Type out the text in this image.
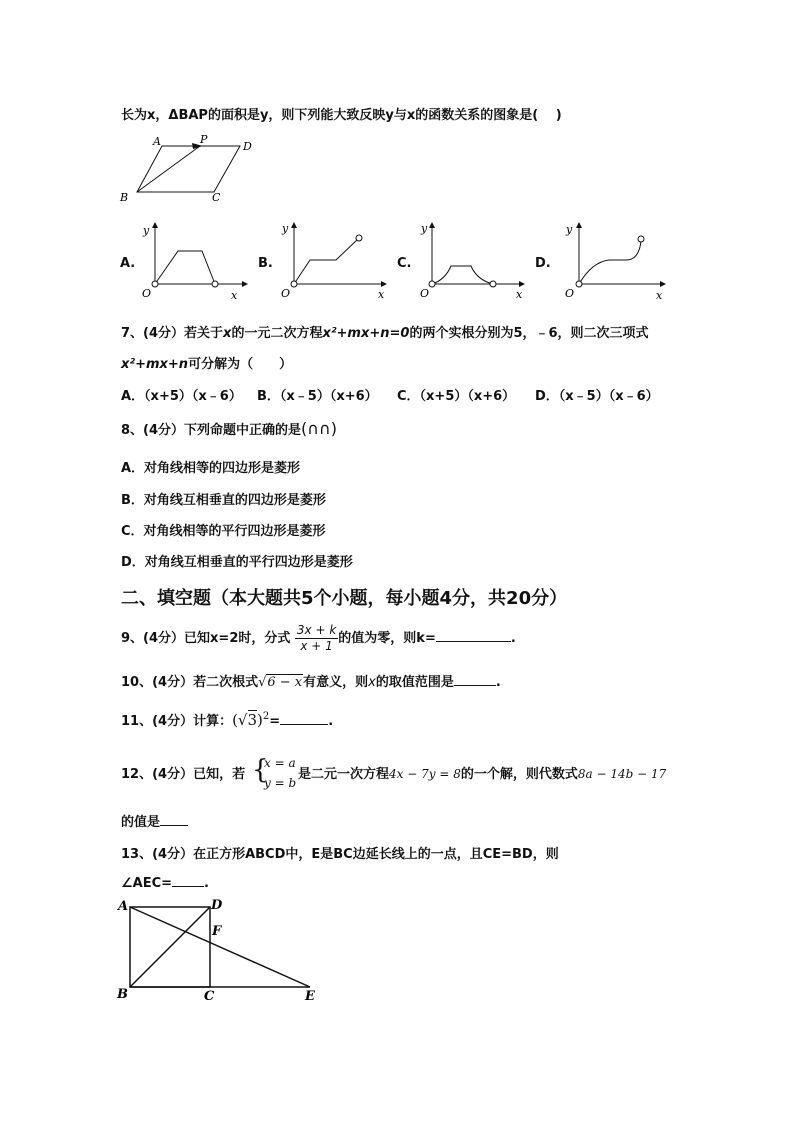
长为x，ΔBAP的面积是y，则下列能大致反映y与x的函数关系的图象是(　 )
A	P
D
B	C
A.
y
x
O
B.
y
x
O
C.
y
x
O
D.
y
x
O
7、(4分）若关于x的一元二次方程x²+mx+n=0的两个实根分别为5，﹣6，则二次三项式
x²+mx+n可分解为（　　）
A．（x+5）（x﹣6） B．（x﹣5）（x+6） C．（x+5）（x+6） D．（x﹣5）（x﹣6）
8、(4分）下列命题中正确的是(∩∩)
A．对角线相等的四边形是菱形
B．对角线互相垂直的四边形是菱形
C．对角线相等的平行四边形是菱形
D．对角线互相垂直的平行四边形是菱形
二、填空题（本大题共5个小题，每小题4分，共20分）
9、(4分）已知x=2时，分式 $\frac{3x + k}{x + 1}$ 的值为零，则k=	.
10、(4分）若二次根式√6 − x有意义，则x的取值范围是	.
11、(4分）计算：$(√3)^2=$	.
12、(4分）已知，若 {
x = a
y = b
是二元一次方程4x − 7y = 8的一个解，则代数式8a − 14b − 17
的值是
13、(4分）在正方形ABCD中，E是BC边延长线上的一点，且CE=BD，则
∠AEC= .
A	D
F
B	C	E
